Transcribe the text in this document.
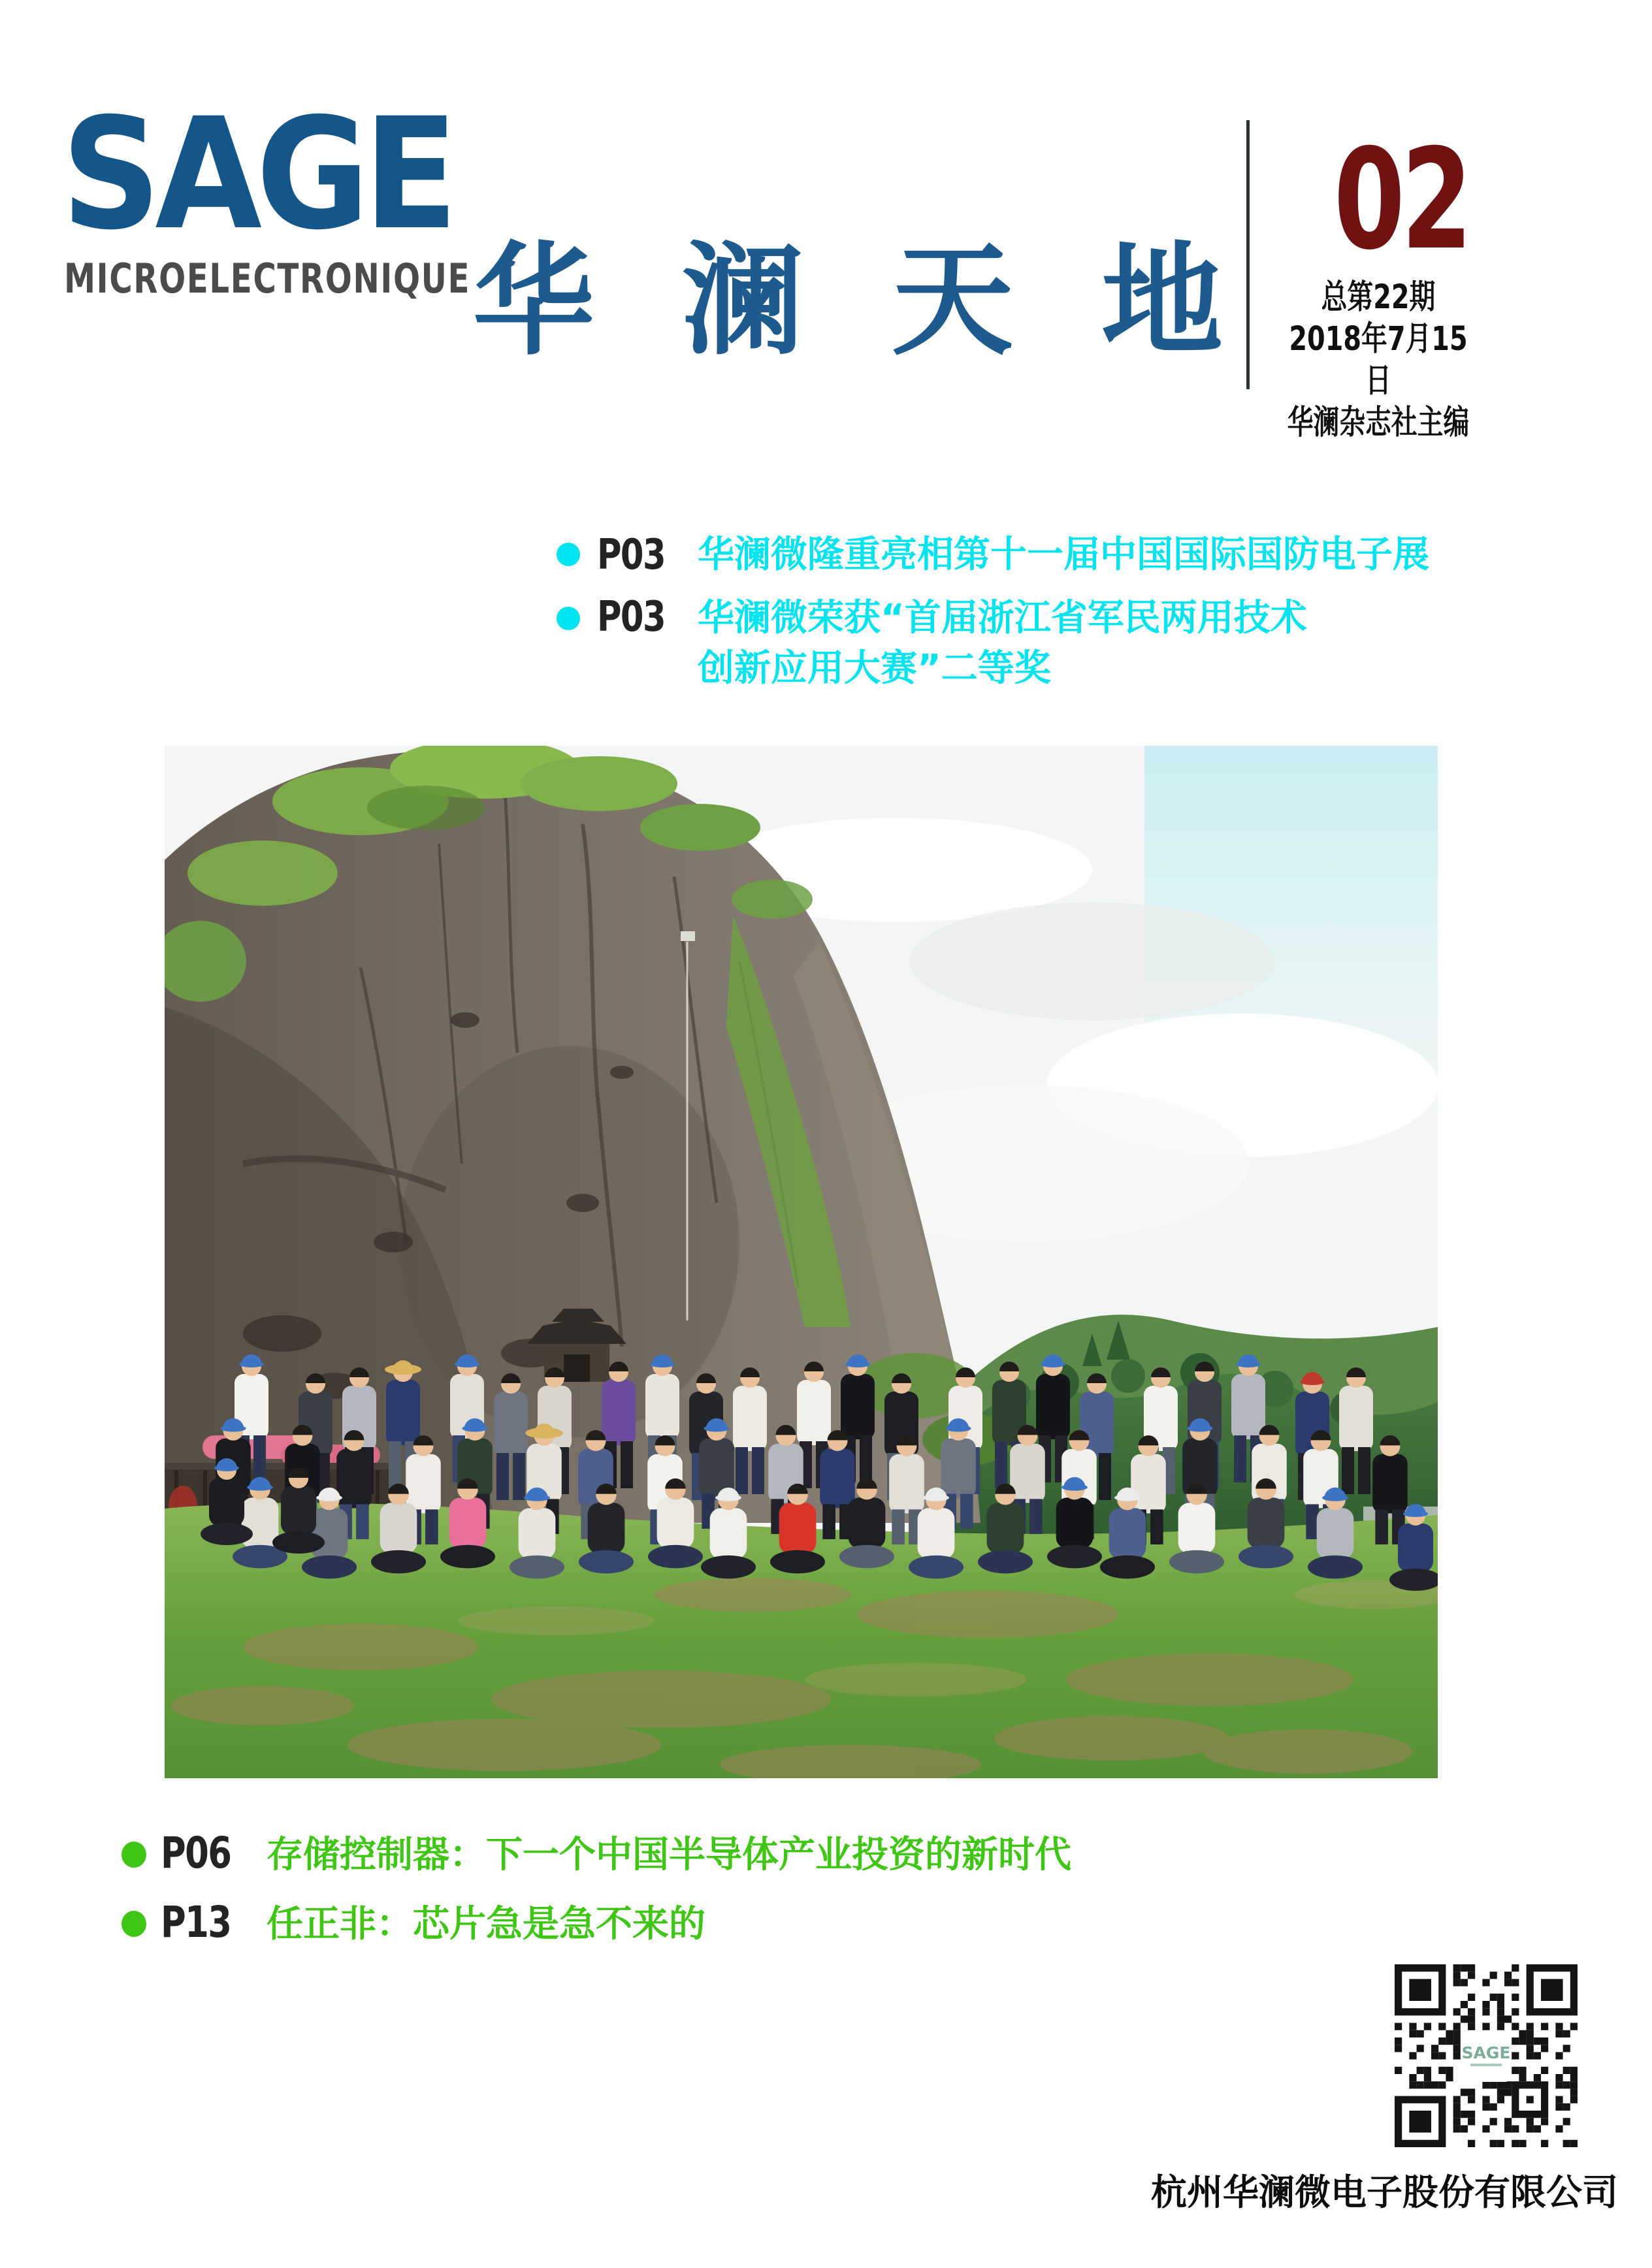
SAGE
MICROELECTRONIQUE 华 澜 天 地
02
总第22期
2018年7月15日
华澜杂志社主编
P03 华澜微隆重亮相第十一届中国国际国防电子展
P03 华澜微荣获“首届浙江省军民两用技术
创新应用大赛”二等奖
P06 存储控制器：下一个中国半导体产业投资的新时代
P13 任正非：芯片急是急不来的
SAGE
杭州华澜微电子股份有限公司
